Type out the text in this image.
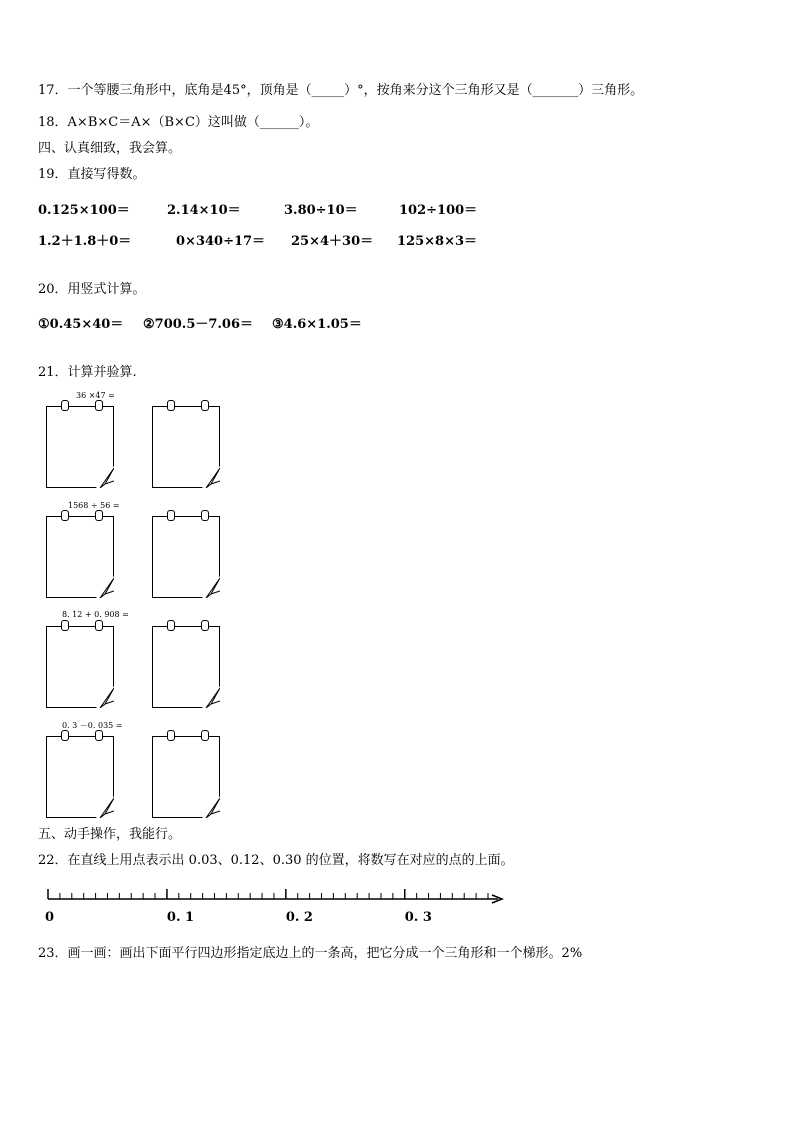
17．一个等腰三角形中，底角是45°，顶角是（_____）°，按角来分这个三角形又是（_______）三角形。
18．A×B×C＝A×（B×C）这叫做（______）。
四、认真细致，我会算。
19．直接写得数。
0.125×100＝	2.14×10＝	3.80÷10＝	102÷100＝
1.2＋1.8＋0＝	0×340÷17＝ 25×4＋30＝ 125×8×3＝
20．用竖式计算。
①0.45×40＝ ②700.5－7.06＝ ③4.6×1.05＝
21．计算并验算.
36 ×47 =
1568 ÷ 56 =
8. 12 + 0. 908 =
0. 3 －0. 035 =
五、动手操作，我能行。
22．在直线上用点表示出 0.03、0.12、0.30 的位置，将数写在对应的点的上面。
0	0. 1	0. 2	0. 3
23．画一画：画出下面平行四边形指定底边上的一条高，把它分成一个三角形和一个梯形。2%
